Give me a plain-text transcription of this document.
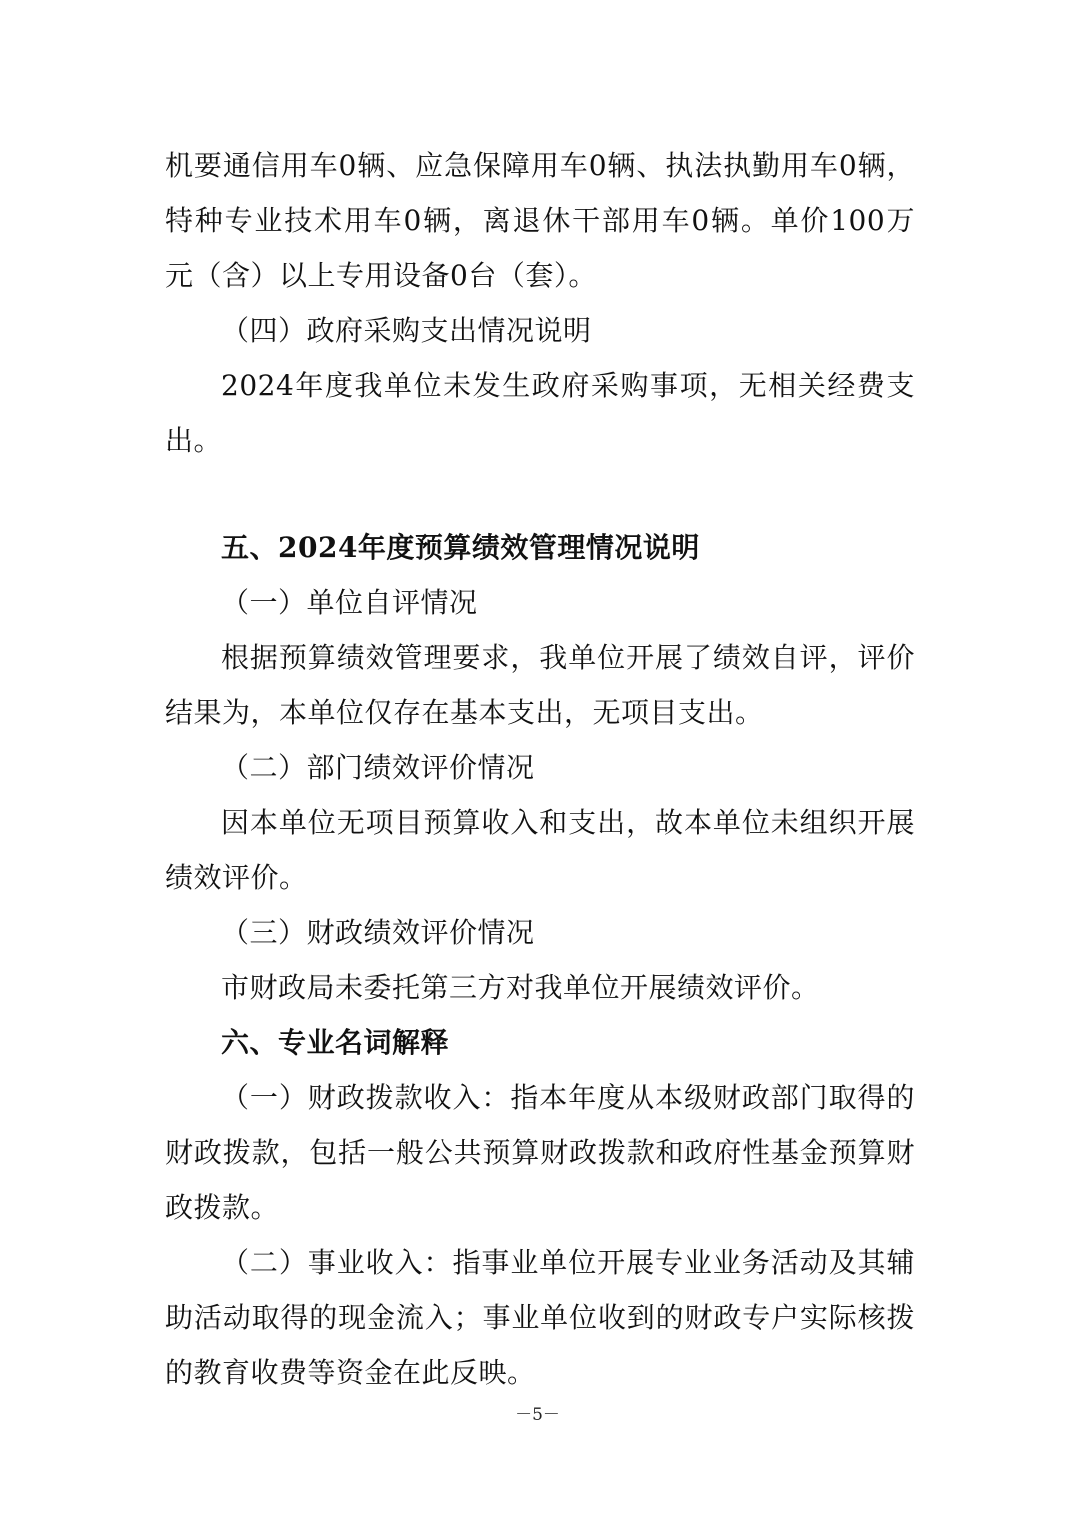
机要通信用车0辆、应急保障用车0辆、执法执勤用车0辆，
特种专业技术用车0辆，离退休干部用车0辆。单价100万
元（含）以上专用设备0台（套）。
（四）政府采购支出情况说明
2024年度我单位未发生政府采购事项，无相关经费支
出。
五、2024年度预算绩效管理情况说明
（一）单位自评情况
根据预算绩效管理要求，我单位开展了绩效自评，评价
结果为，本单位仅存在基本支出，无项目支出。
（二）部门绩效评价情况
因本单位无项目预算收入和支出，故本单位未组织开展
绩效评价。
（三）财政绩效评价情况
市财政局未委托第三方对我单位开展绩效评价。
六、专业名词解释
（一）财政拨款收入：指本年度从本级财政部门取得的
财政拨款，包括一般公共预算财政拨款和政府性基金预算财
政拨款。
（二）事业收入：指事业单位开展专业业务活动及其辅
助活动取得的现金流入；事业单位收到的财政专户实际核拨
的教育收费等资金在此反映。
－5－
